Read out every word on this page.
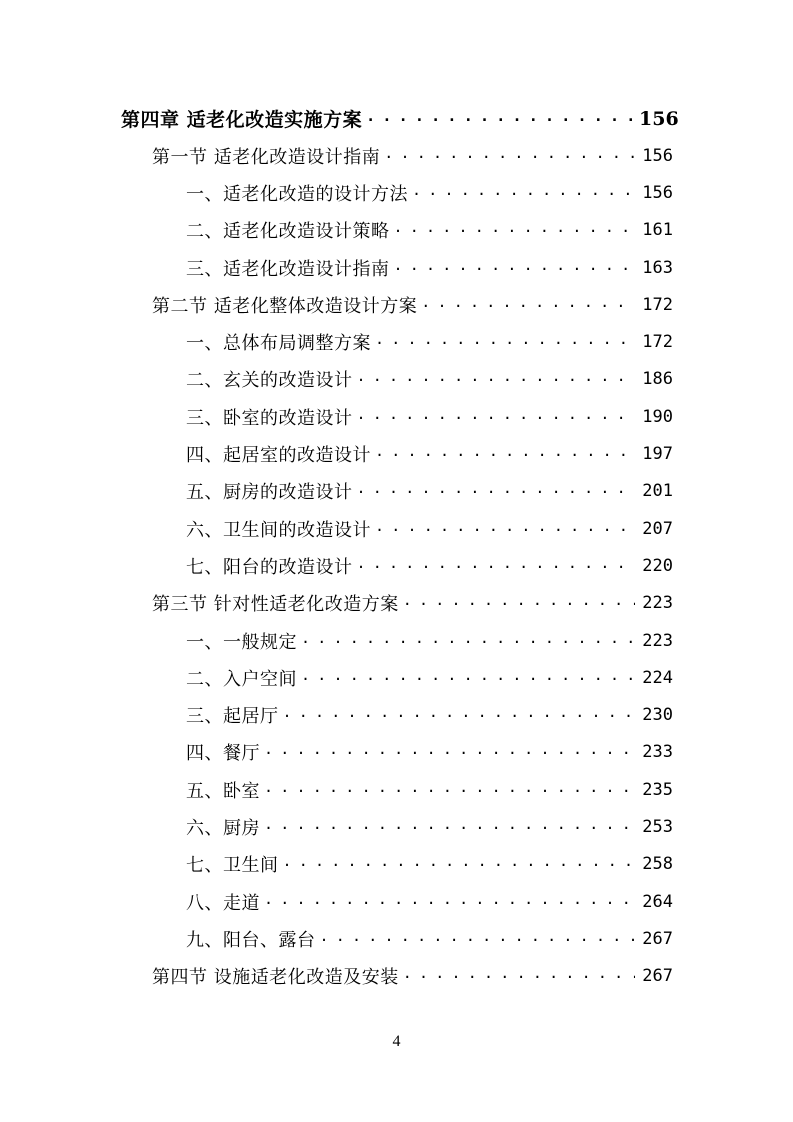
第四章 适老化改造实施方案 . . .	156
第一节 适老化改造设计指南 . . .	156
一、适老化改造的设计方法 . . .	156
二、适老化改造设计策略 . . .	161
三、适老化改造设计指南 . . .	163
第二节 适老化整体改造设计方案 . . .	172
一、总体布局调整方案 . . .	172
二、玄关的改造设计 . . .	186
三、卧室的改造设计 . . .	190
四、起居室的改造设计 . . .	197
五、厨房的改造设计 . . .	201
六、卫生间的改造设计 . . .	207
七、阳台的改造设计 . . .	220
第三节 针对性适老化改造方案 . . .	223
一、一般规定 . . .	223
二、入户空间 . . .	224
三、起居厅 . . .	230
四、餐厅 . . .	233
五、卧室 . . .	235
六、厨房 . . .	253
七、卫生间 . . .	258
八、走道 . . .	264
九、阳台、露台 . . .	267
第四节 设施适老化改造及安装 . . .	267
4
